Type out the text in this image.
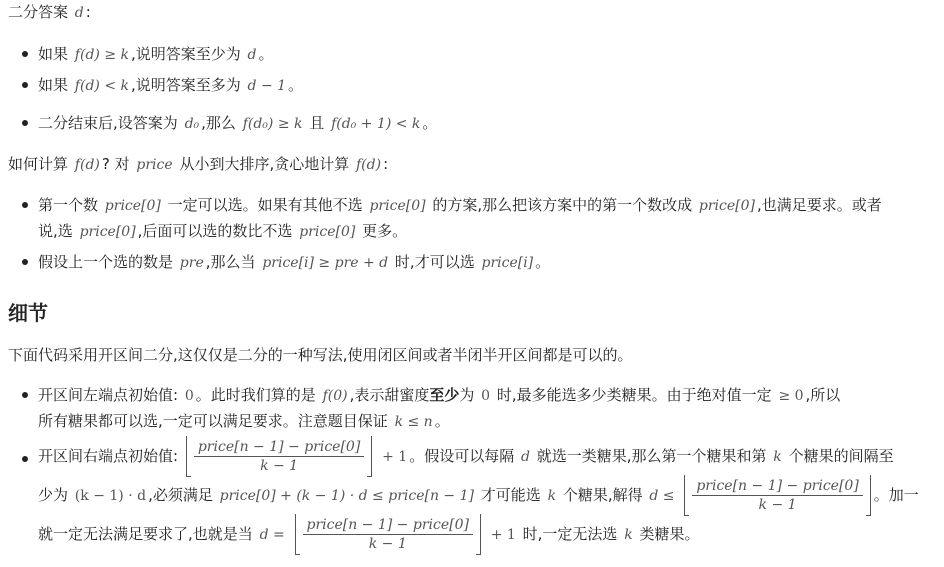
二分答案 d :
如果 f(d) ≥ k ,说明答案至少为 d 。
如果 f(d) < k ,说明答案至多为 d − 1 。
二分结束后,设答案为 d₀ ,那么 f(d₀) ≥ k 且 f(d₀ + 1) < k 。
如何计算 f(d) ? 对 price 从小到大排序,贪心地计算 f(d) :
第一个数 price[0] 一定可以选。如果有其他不选 price[0] 的方案,那么把该方案中的第一个数改成 price[0] ,也满足要求。或者
说,选 price[0] ,后面可以选的数比不选 price[0] 更多。
假设上一个选的数是 pre ,那么当 price[i] ≥ pre + d 时,才可以选 price[i] 。
细节
下面代码采用开区间二分,这仅仅是二分的一种写法,使用闭区间或者半闭半开区间都是可以的。
开区间左端点初始值: 0 。此时我们算的是 f(0) ,表示甜蜜度至少为 0 时,最多能选多少类糖果。由于绝对值一定 ≥ 0 ,所以
所有糖果都可以选,一定可以满足要求。注意题目保证 k ≤ n 。
开区间右端点初始值: $\frac{\text{price[n − 1] − price[0]}}{k - 1} + 1$ 。假设可以每隔 d 就选一类糖果,那么第一个糖果和第 k 个糖果的间隔至
少为 (k − 1) · d ,必须满足 price[0] + (k − 1) · d ≤ price[n − 1] 才可能选 k 个糖果,解得 $d \le \frac{\text{price[n − 1] − price[0]}}{k - 1}$ 。加一
就一定无法满足要求了,也就是当 $d = \frac{\text{price[n − 1] − price[0]}}{k - 1} + 1$ 时,一定无法选 k 类糖果。
